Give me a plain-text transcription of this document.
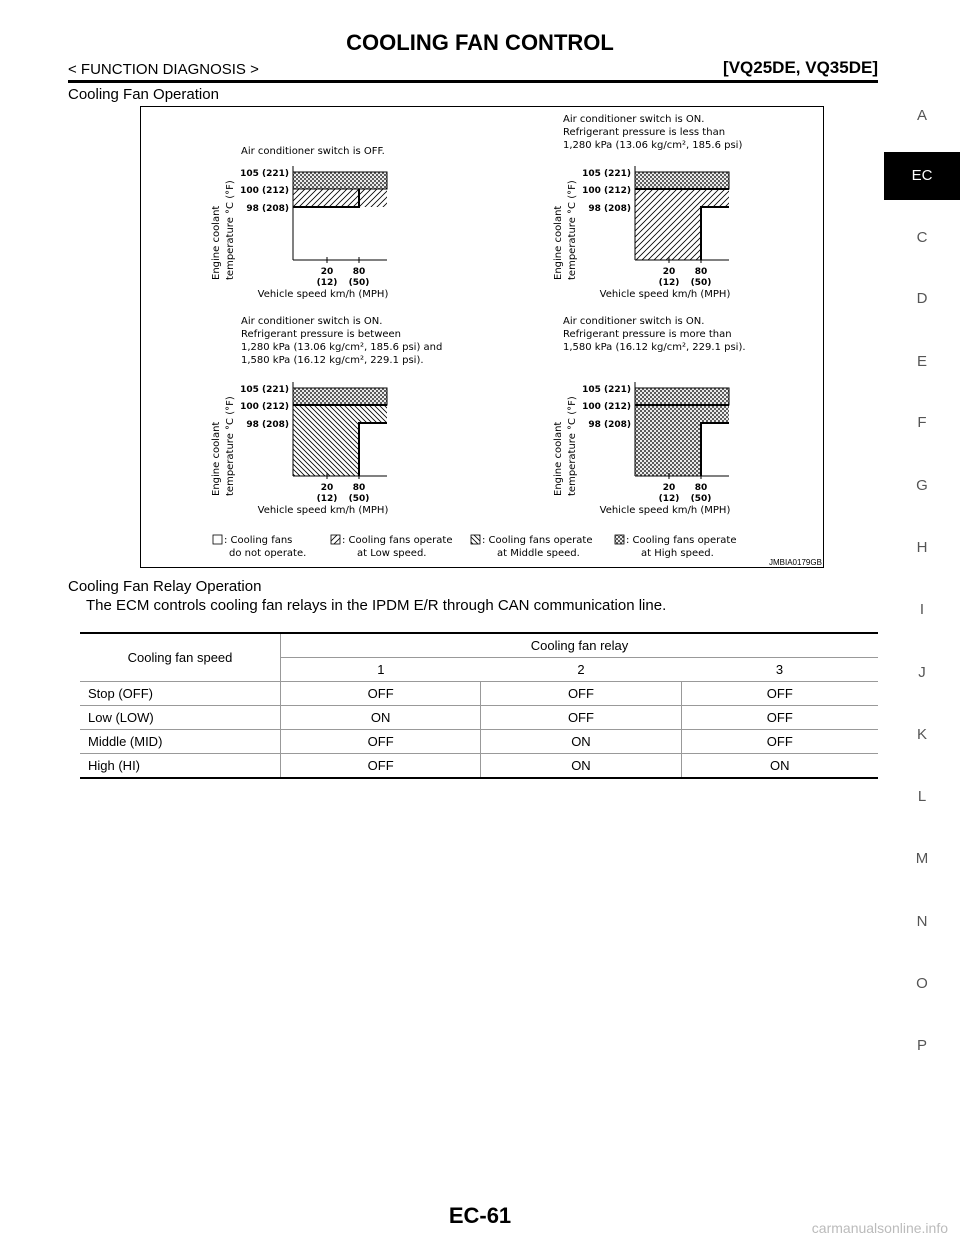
COOLING FAN CONTROL
< FUNCTION DIAGNOSIS >	[VQ25DE, VQ35DE]
Cooling Fan Operation
Air conditioner switch is OFF.
105 (221)
100 (212)
98 (208)
20
(12)
80
(50)
Vehicle speed km/h (MPH)
Engine coolant temperature °C (°F)
Air conditioner switch is ON.
Refrigerant pressure is less than
1,280 kPa (13.06 kg/cm², 185.6 psi)
105 (221)
100 (212)
98 (208)
20
(12)
80
(50)
Vehicle speed km/h (MPH)
Engine coolant temperature °C (°F)
Air conditioner switch is ON.
Refrigerant pressure is between
1,280 kPa (13.06 kg/cm², 185.6 psi) and
1,580 kPa (16.12 kg/cm², 229.1 psi).
105 (221)
100 (212)
98 (208)
20
(12)
80
(50)
Vehicle speed km/h (MPH)
Engine coolant temperature °C (°F)
Air conditioner switch is ON.
Refrigerant pressure is more than
1,580 kPa (16.12 kg/cm², 229.1 psi).
105 (221)
100 (212)
98 (208)
20
(12)
80
(50)
Vehicle speed km/h (MPH)
Engine coolant temperature °C (°F)
: Cooling fans
do not operate.
: Cooling fans operate
at Low speed.
: Cooling fans operate
at Middle speed.
: Cooling fans operate
at High speed.
JMBIA0179GB
Cooling Fan Relay Operation
The ECM controls cooling fan relays in the IPDM E/R through CAN communication line.
Cooling fan speed	Cooling fan relay		
	1	2	3
Stop (OFF)	OFF	OFF	OFF
Low (LOW)	ON	OFF	OFF
Middle (MID)	OFF	ON	OFF
High (HI)	OFF	ON	ON
EC-61
A
EC
C
D
E
F
G
H
I
J
K
L
M
N
O
P
carmanualsonline.info
